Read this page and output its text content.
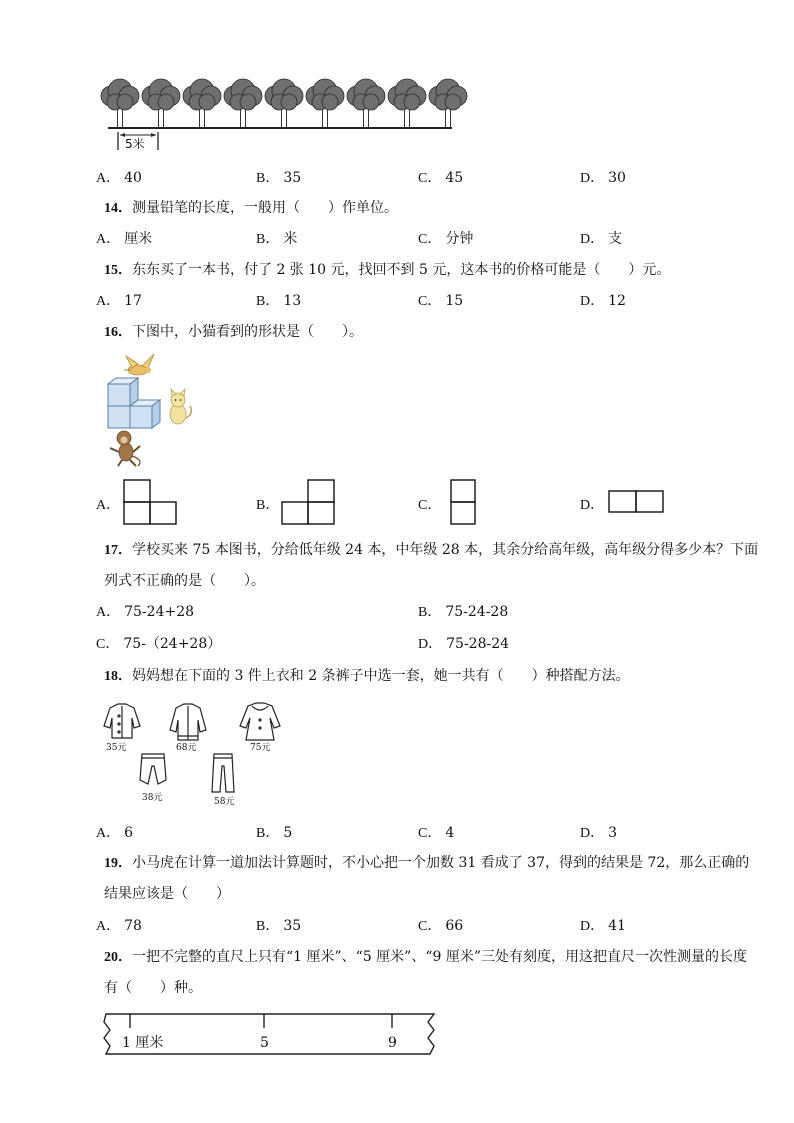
5米
A． 40	B． 35	C． 45	D． 30
14．测量铅笔的长度，一般用（　　）作单位。
A． 厘米	B． 米	C． 分钟	D． 支
15．东东买了一本书，付了 2 张 10 元，找回不到 5 元，这本书的价格可能是（　　）元。
A． 17	B． 13	C． 15	D． 12
16．下图中，小猫看到的形状是（　　）。
A．	B．	C．	D．
17．学校买来 75 本图书，分给低年级 24 本，中年级 28 本，其余分给高年级，高年级分得多少本？下面
列式不正确的是（　　）。
A． 75-24+28	B． 75-24-28
C． 75-（24+28）	D． 75-28-24
18．妈妈想在下面的 3 件上衣和 2 条裤子中选一套，她一共有（　　）种搭配方法。
35元	68元	75元
38元	58元
A． 6	B． 5	C． 4	D． 3
19．小马虎在计算一道加法计算题时，不小心把一个加数 31 看成了 37，得到的结果是 72，那么正确的
结果应该是（　　）
A． 78	B． 35	C． 66	D． 41
20．一把不完整的直尺上只有“1 厘米”、“5 厘米”、“9 厘米”三处有刻度，用这把直尺一次性测量的长度
有（　　）种。
1 厘米	5	9
